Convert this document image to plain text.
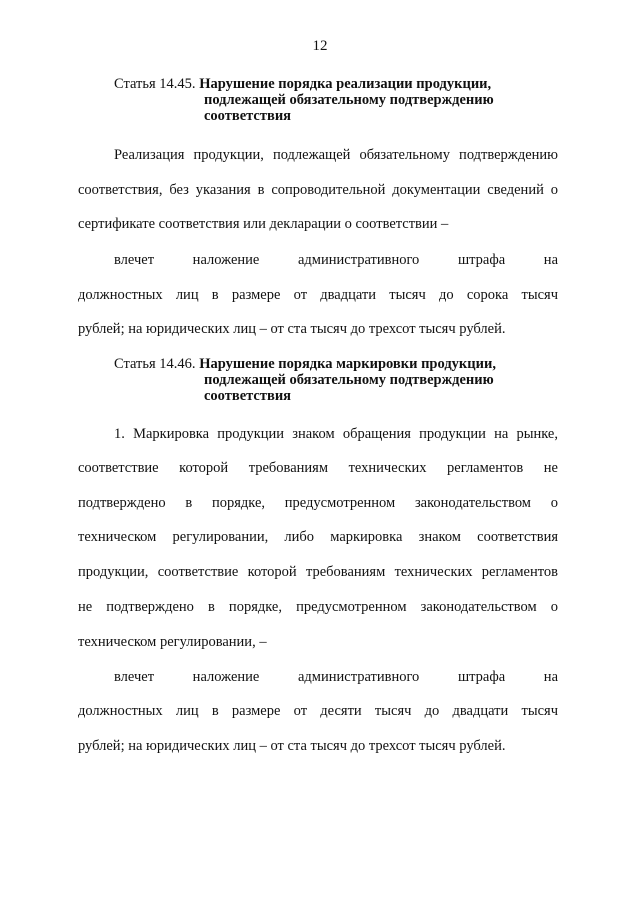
12
Статья 14.45. Нарушение порядка реализации продукции,
подлежащей обязательному подтверждению
соответствия
Реализация продукции, подлежащей обязательному подтверждению
соответствия, без указания в сопроводительной документации сведений о
сертификате соответствия или декларации о соответствии –
влечет наложение административного штрафа на
должностных лиц в размере от двадцати тысяч до сорока тысяч
рублей; на юридических лиц – от ста тысяч до трехсот тысяч рублей.
Статья 14.46. Нарушение порядка маркировки продукции,
подлежащей обязательному подтверждению
соответствия
1. Маркировка продукции знаком обращения продукции на рынке,
соответствие которой требованиям технических регламентов не
подтверждено в порядке, предусмотренном законодательством о
техническом регулировании, либо маркировка знаком соответствия
продукции, соответствие которой требованиям технических регламентов
не подтверждено в порядке, предусмотренном законодательством о
техническом регулировании, –
влечет наложение административного штрафа на
должностных лиц в размере от десяти тысяч до двадцати тысяч
рублей; на юридических лиц – от ста тысяч до трехсот тысяч рублей.
